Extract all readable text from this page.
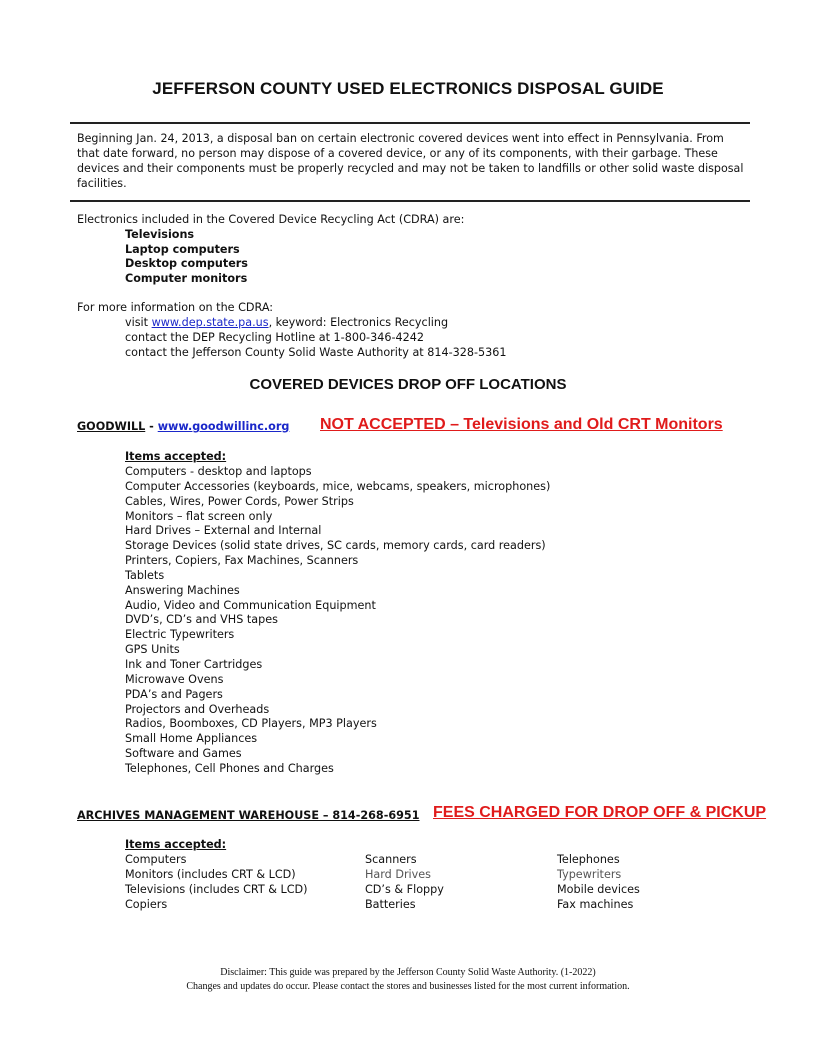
JEFFERSON COUNTY USED ELECTRONICS DISPOSAL GUIDE
Beginning Jan. 24, 2013, a disposal ban on certain electronic covered devices went into effect in Pennsylvania. From that date forward, no person may dispose of a covered device, or any of its components, with their garbage. These devices and their components must be properly recycled and may not be taken to landfills or other solid waste disposal facilities.
Electronics included in the Covered Device Recycling Act (CDRA) are:
Televisions
Laptop computers
Desktop computers
Computer monitors
For more information on the CDRA:
visit www.dep.state.pa.us, keyword: Electronics Recycling
contact the DEP Recycling Hotline at 1-800-346-4242
contact the Jefferson County Solid Waste Authority at 814-328-5361
COVERED DEVICES DROP OFF LOCATIONS
GOODWILL - www.goodwillinc.org NOT ACCEPTED – Televisions and Old CRT Monitors
Items accepted:
Computers - desktop and laptops
Computer Accessories (keyboards, mice, webcams, speakers, microphones)
Cables, Wires, Power Cords, Power Strips
Monitors – flat screen only
Hard Drives – External and Internal
Storage Devices (solid state drives, SC cards, memory cards, card readers)
Printers, Copiers, Fax Machines, Scanners
Tablets
Answering Machines
Audio, Video and Communication Equipment
DVD’s, CD’s and VHS tapes
Electric Typewriters
GPS Units
Ink and Toner Cartridges
Microwave Ovens
PDA’s and Pagers
Projectors and Overheads
Radios, Boomboxes, CD Players, MP3 Players
Small Home Appliances
Software and Games
Telephones, Cell Phones and Charges
ARCHIVES MANAGEMENT WAREHOUSE – 814-268-6951 FEES CHARGED FOR DROP OFF & PICKUP
Items accepted:
Computers
Monitors (includes CRT & LCD)
Televisions (includes CRT & LCD)
Copiers
Scanners
Hard Drives
CD’s & Floppy
Batteries
Telephones
Typewriters
Mobile devices
Fax machines
Disclaimer: This guide was prepared by the Jefferson County Solid Waste Authority. (1-2022)
Changes and updates do occur. Please contact the stores and businesses listed for the most current information.
